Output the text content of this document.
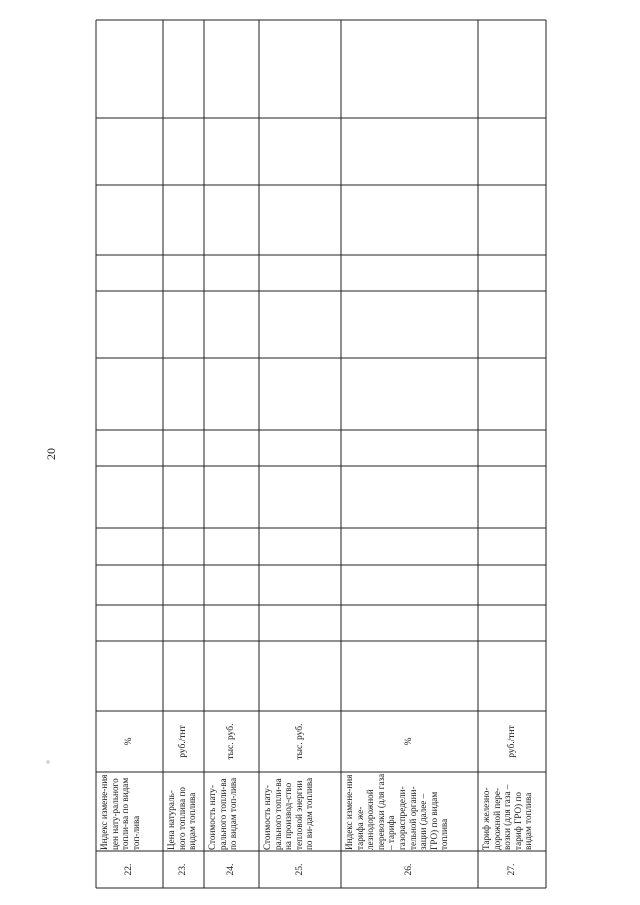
20
22.
Индекс измене-ния цен нату-рального топли-ва по видам топ-лива
%
23.
Цена натураль-ного топлива по видам топлива
руб./тнт
24.
Стоимость нату-рального топли-ва по видам топ-лива
тыс. руб.
25.
Стоимость нату-рального топли-ва на производ-ство тепловой энергии по ви-дам топлива
тыс. руб.
26.
Индекс измене-ния тарифа же-лезнодорожной перевозки (для газа – тарифа газораспредели-тельной органи-зации (далее – ГРО) по видам топлива
%
27.
Тариф железно-дорожной пере-возки (для газа – тариф ГРО) по видам топлива
руб./тнт
